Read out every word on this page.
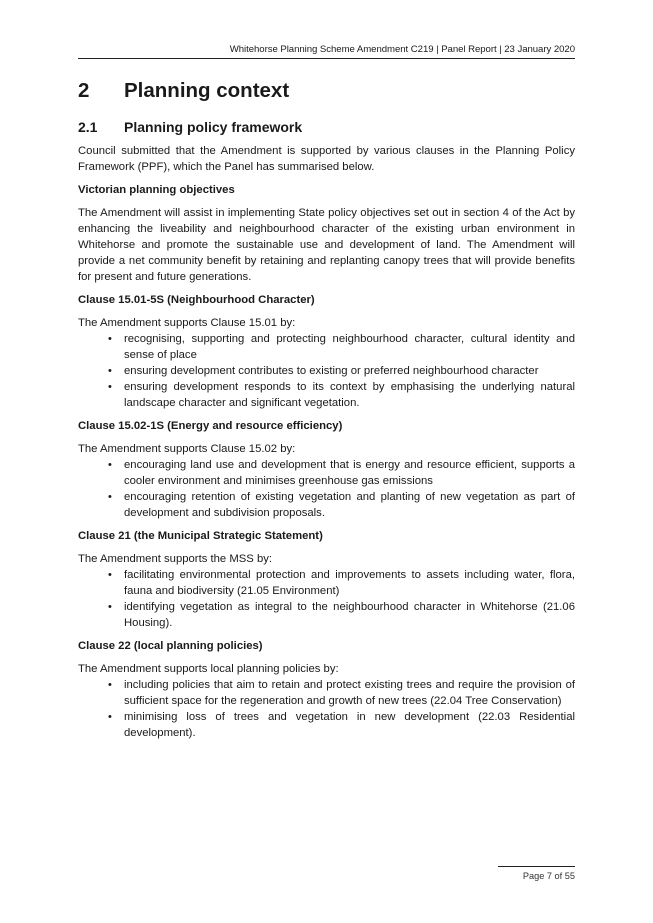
Whitehorse Planning Scheme Amendment C219 | Panel Report | 23 January 2020
2	Planning context
2.1	Planning policy framework

Council submitted that the Amendment is supported by various clauses in the Planning Policy Framework (PPF), which the Panel has summarised below.

Victorian planning objectives

The Amendment will assist in implementing State policy objectives set out in section 4 of the Act by enhancing the liveability and neighbourhood character of the existing urban environment in Whitehorse and promote the sustainable use and development of land. The Amendment will provide a net community benefit by retaining and replanting canopy trees that will provide benefits for present and future generations.

Clause 15.01-5S (Neighbourhood Character)

The Amendment supports Clause 15.01 by:

• recognising, supporting and protecting neighbourhood character, cultural identity and sense of place
• ensuring development contributes to existing or preferred neighbourhood character
• ensuring development responds to its context by emphasising the underlying natural landscape character and significant vegetation.
Clause 15.02-1S (Energy and resource efficiency)

The Amendment supports Clause 15.02 by:

• encouraging land use and development that is energy and resource efficient, supports a cooler environment and minimises greenhouse gas emissions
• encouraging retention of existing vegetation and planting of new vegetation as part of development and subdivision proposals.
Clause 21 (the Municipal Strategic Statement)

The Amendment supports the MSS by:

• facilitating environmental protection and improvements to assets including water, flora, fauna and biodiversity (21.05 Environment)
• identifying vegetation as integral to the neighbourhood character in Whitehorse (21.06 Housing).
Clause 22 (local planning policies)

The Amendment supports local planning policies by:

• including policies that aim to retain and protect existing trees and require the provision of sufficient space for the regeneration and growth of new trees (22.04 Tree Conservation)
• minimising loss of trees and vegetation in new development (22.03 Residential development).
Page 7 of 55
